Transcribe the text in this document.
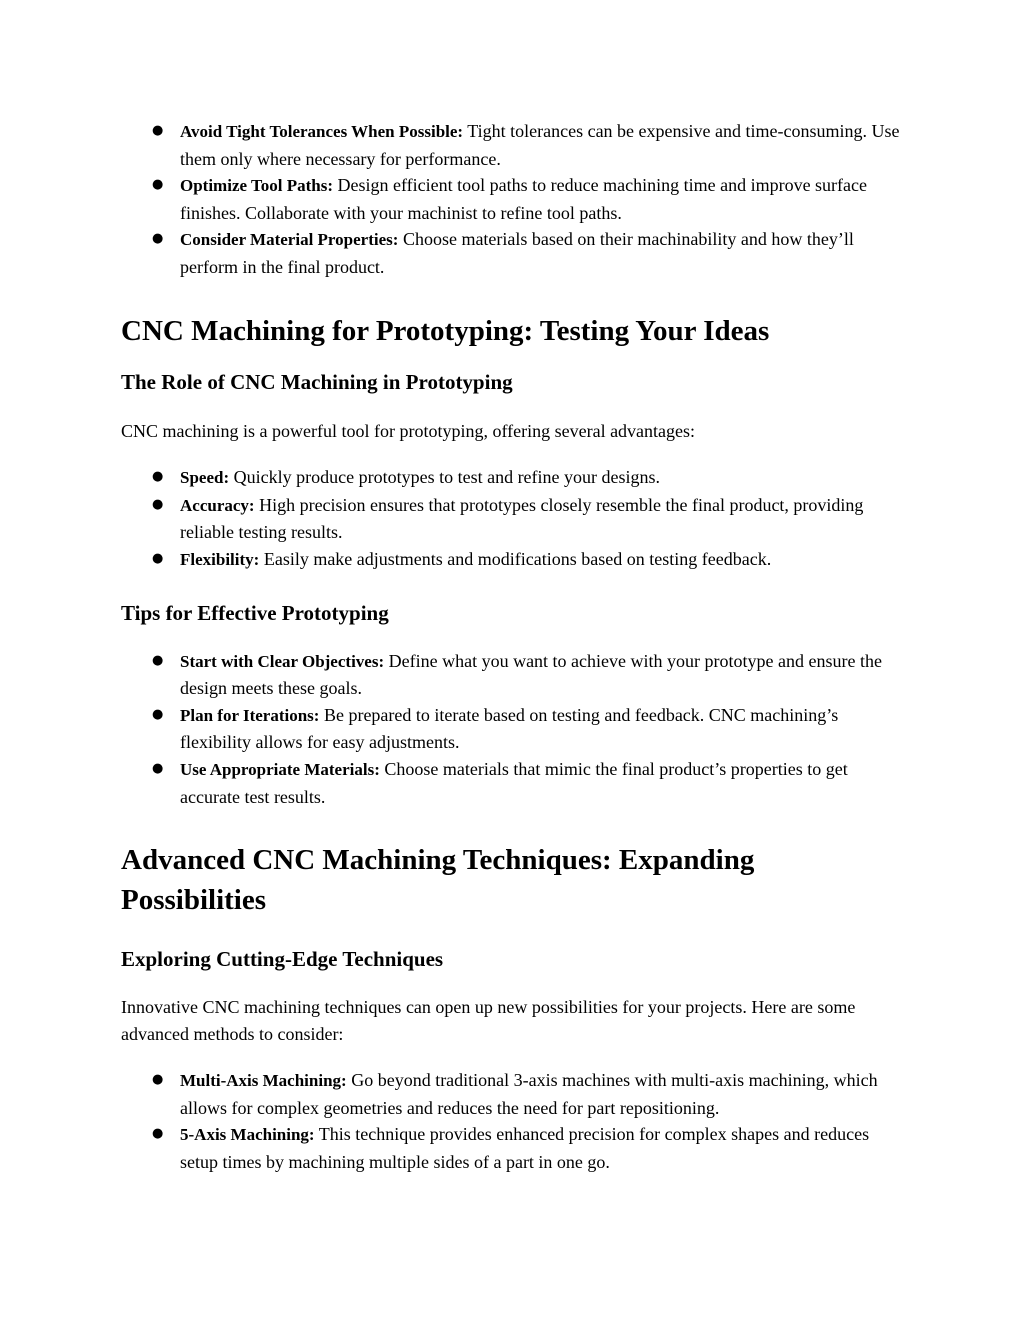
● Avoid Tight Tolerances When Possible: Tight tolerances can be expensive and time-consuming. Use them only where necessary for performance.
● Optimize Tool Paths: Design efficient tool paths to reduce machining time and improve surface finishes. Collaborate with your machinist to refine tool paths.
● Consider Material Properties: Choose materials based on their machinability and how they’ll perform in the final product.
CNC Machining for Prototyping: Testing Your Ideas
The Role of CNC Machining in Prototyping

CNC machining is a powerful tool for prototyping, offering several advantages:

● Speed: Quickly produce prototypes to test and refine your designs.
● Accuracy: High precision ensures that prototypes closely resemble the final product, providing reliable testing results.
● Flexibility: Easily make adjustments and modifications based on testing feedback.
Tips for Effective Prototyping
● Start with Clear Objectives: Define what you want to achieve with your prototype and ensure the design meets these goals.
● Plan for Iterations: Be prepared to iterate based on testing and feedback. CNC machining’s flexibility allows for easy adjustments.
● Use Appropriate Materials: Choose materials that mimic the final product’s properties to get accurate test results.
Advanced CNC Machining Techniques: Expanding Possibilities
Exploring Cutting-Edge Techniques

Innovative CNC machining techniques can open up new possibilities for your projects. Here are some advanced methods to consider:

● Multi-Axis Machining: Go beyond traditional 3-axis machines with multi-axis machining, which allows for complex geometries and reduces the need for part repositioning.
● 5-Axis Machining: This technique provides enhanced precision for complex shapes and reduces setup times by machining multiple sides of a part in one go.
